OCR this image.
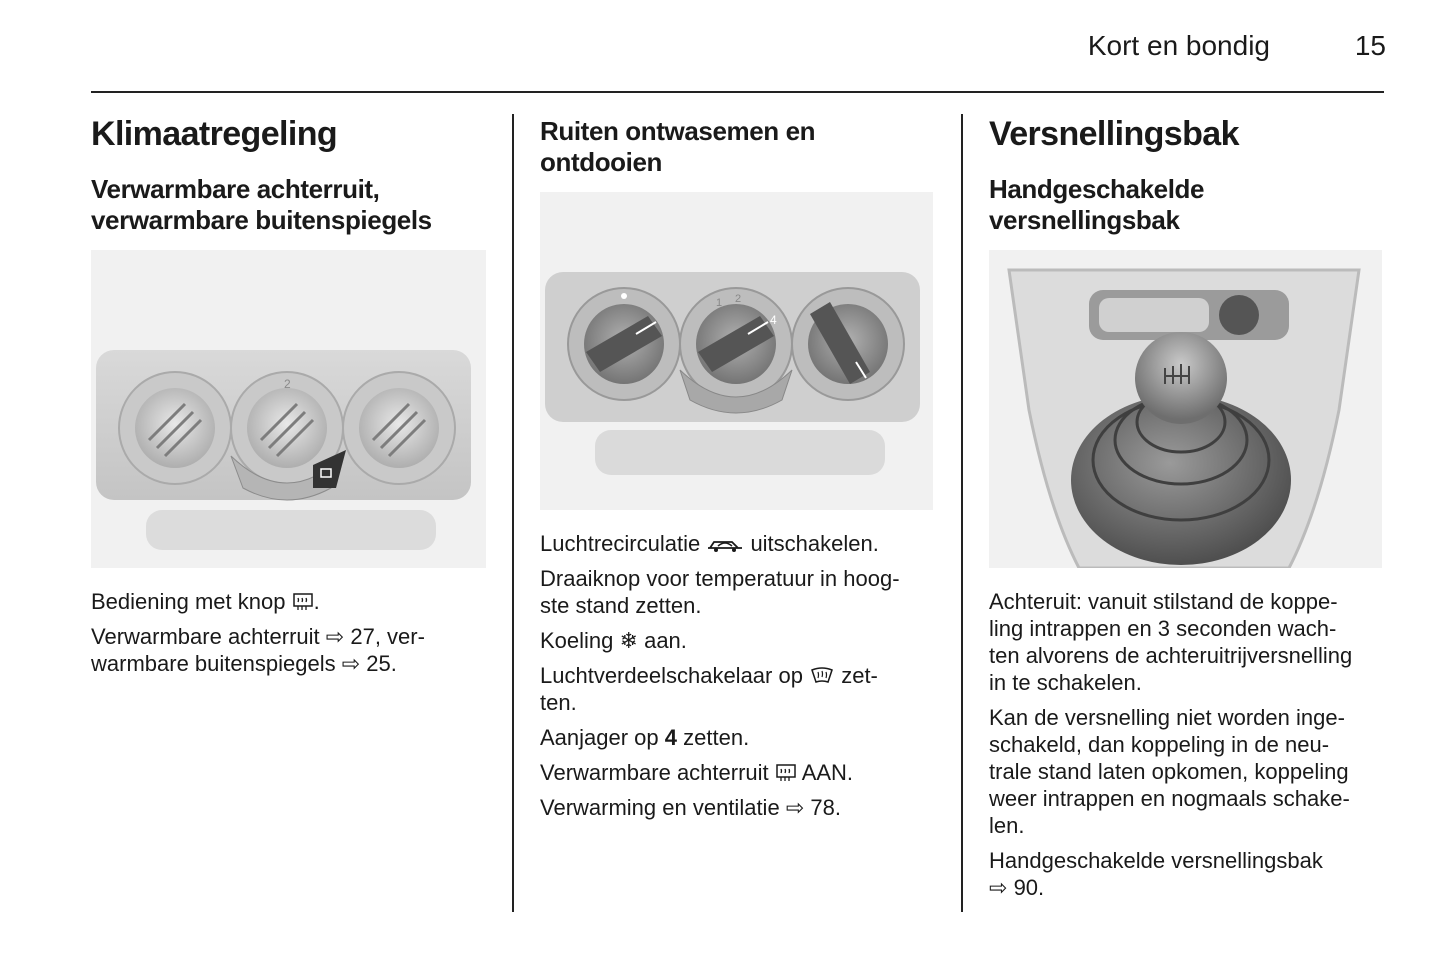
Kort en bondig	15
Klimaatregeling
Verwarmbare achterruit,
verwarmbare buitenspiegels
2

Bediening met knop .

Verwarmbare achterruit ⇨ 27, ver-
warmbare buitenspiegels ⇨ 25.

Ruiten ontwasemen en
ontdooien
1 2
4

Luchtrecirculatie uitschakelen.

Draaiknop voor temperatuur in hoog-
ste stand zetten.

Koeling ❄ aan.

Luchtverdeelschakelaar op zet-
ten.

Aanjager op 4 zetten.

Verwarmbare achterruit AAN.

Verwarming en ventilatie ⇨ 78.

Versnellingsbak
Handgeschakelde
versnellingsbak

Achteruit: vanuit stilstand de koppe-
ling intrappen en 3 seconden wach-
ten alvorens de achteruitrijversnelling
in te schakelen.

Kan de versnelling niet worden inge-
schakeld, dan koppeling in de neu-
trale stand laten opkomen, koppeling
weer intrappen en nogmaals schake-
len.

Handgeschakelde versnellingsbak
⇨ 90.
